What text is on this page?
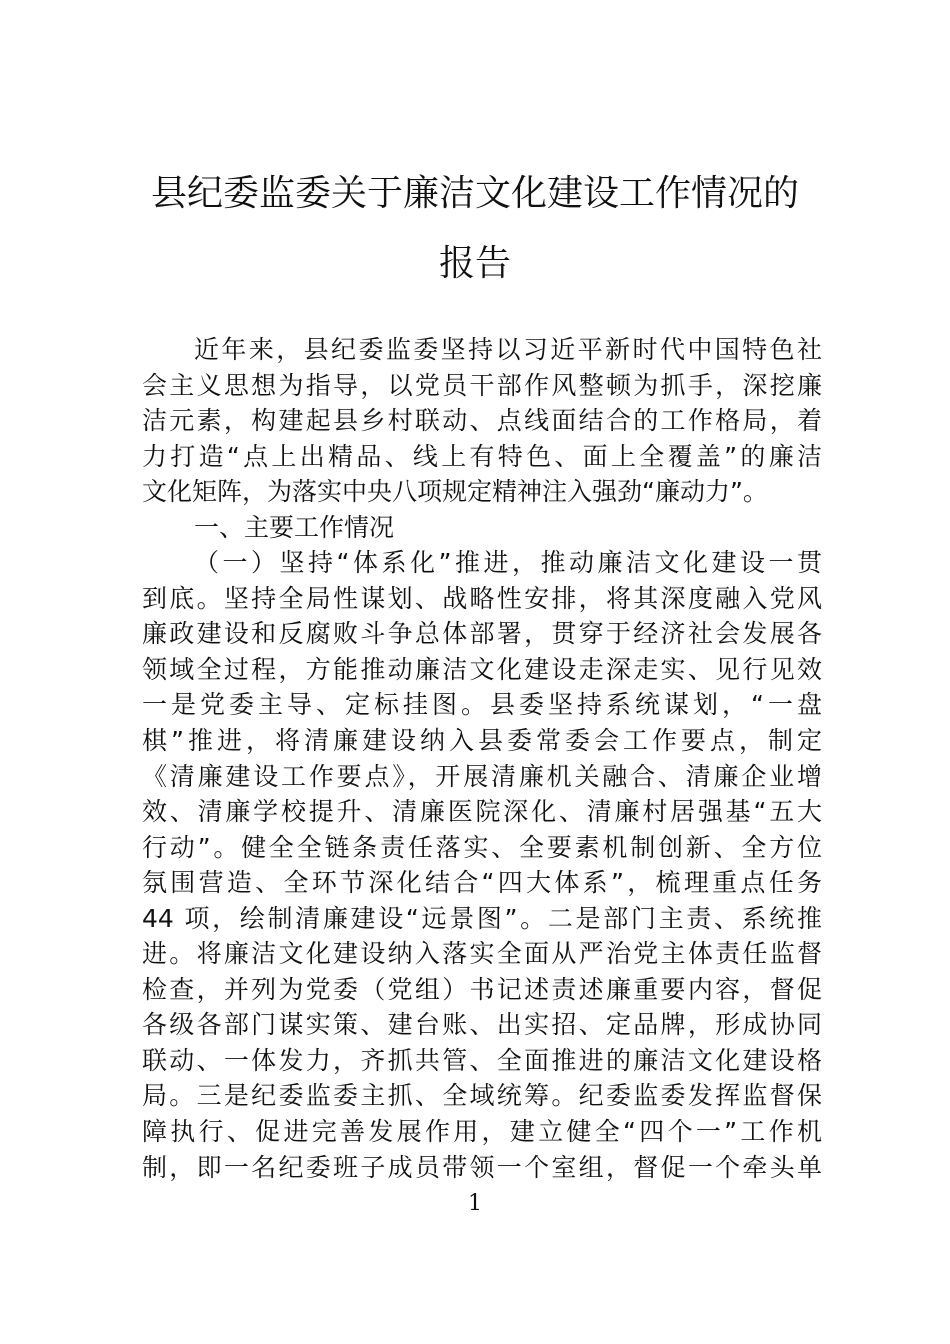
县纪委监委关于廉洁文化建设工作情况的
报告
近年来，县纪委监委坚持以习近平新时代中国特色社
会主义思想为指导，以党员干部作风整顿为抓手，深挖廉
洁元素，构建起县乡村联动、点线面结合的工作格局，着
力打造“点上出精品、线上有特色、面上全覆盖”的廉洁
文化矩阵，为落实中央八项规定精神注入强劲“廉动力”。
一、主要工作情况
（一）坚持“体系化”推进，推动廉洁文化建设一贯
到底。坚持全局性谋划、战略性安排，将其深度融入党风
廉政建设和反腐败斗争总体部署，贯穿于经济社会发展各
领域全过程，方能推动廉洁文化建设走深走实、见行见效
一是党委主导、定标挂图。县委坚持系统谋划，“一盘
棋”推进，将清廉建设纳入县委常委会工作要点，制定
《清廉建设工作要点》，开展清廉机关融合、清廉企业增
效、清廉学校提升、清廉医院深化、清廉村居强基“五大
行动”。健全全链条责任落实、全要素机制创新、全方位
氛围营造、全环节深化结合“四大体系”，梳理重点任务
44 项，绘制清廉建设“远景图”。二是部门主责、系统推
进。将廉洁文化建设纳入落实全面从严治党主体责任监督
检查，并列为党委（党组）书记述责述廉重要内容，督促
各级各部门谋实策、建台账、出实招、定品牌，形成协同
联动、一体发力，齐抓共管、全面推进的廉洁文化建设格
局。三是纪委监委主抓、全域统筹。纪委监委发挥监督保
障执行、促进完善发展作用，建立健全“四个一”工作机
制，即一名纪委班子成员带领一个室组，督促一个牵头单
1
